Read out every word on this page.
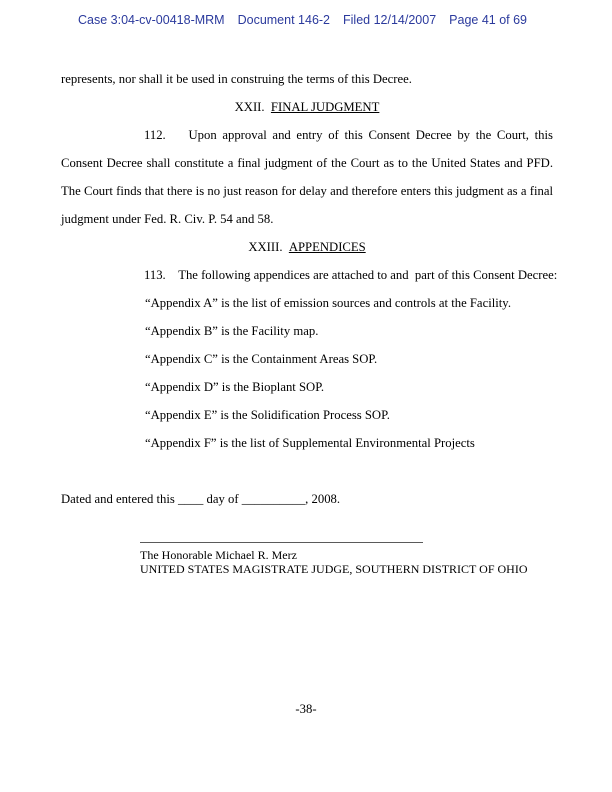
Case 3:04-cv-00418-MRM Document 146-2 Filed 12/14/2007 Page 41 of 69
represents, nor shall it be used in construing the terms of this Decree.
XXII. FINAL JUDGMENT

112.    Upon approval and entry of this Consent Decree by the Court, this Consent Decree shall constitute a final judgment of the Court as to the United States and PFD.  The Court finds that there is no just reason for delay and therefore enters this judgment as a final judgment under Fed. R. Civ. P. 54 and 58.

XXIII. APPENDICES
113.    The following appendices are attached to and  part of this Consent Decree:
“Appendix A” is the list of emission sources and controls at the Facility.
“Appendix B” is the Facility map.
“Appendix C” is the Containment Areas SOP.
“Appendix D” is the Bioplant SOP.
“Appendix E” is the Solidification Process SOP.
“Appendix F” is the list of Supplemental Environmental Projects
Dated and entered this ____ day of __________, 2008.
The Honorable Michael R. Merz
UNITED STATES MAGISTRATE JUDGE, SOUTHERN DISTRICT OF OHIO
-38-
